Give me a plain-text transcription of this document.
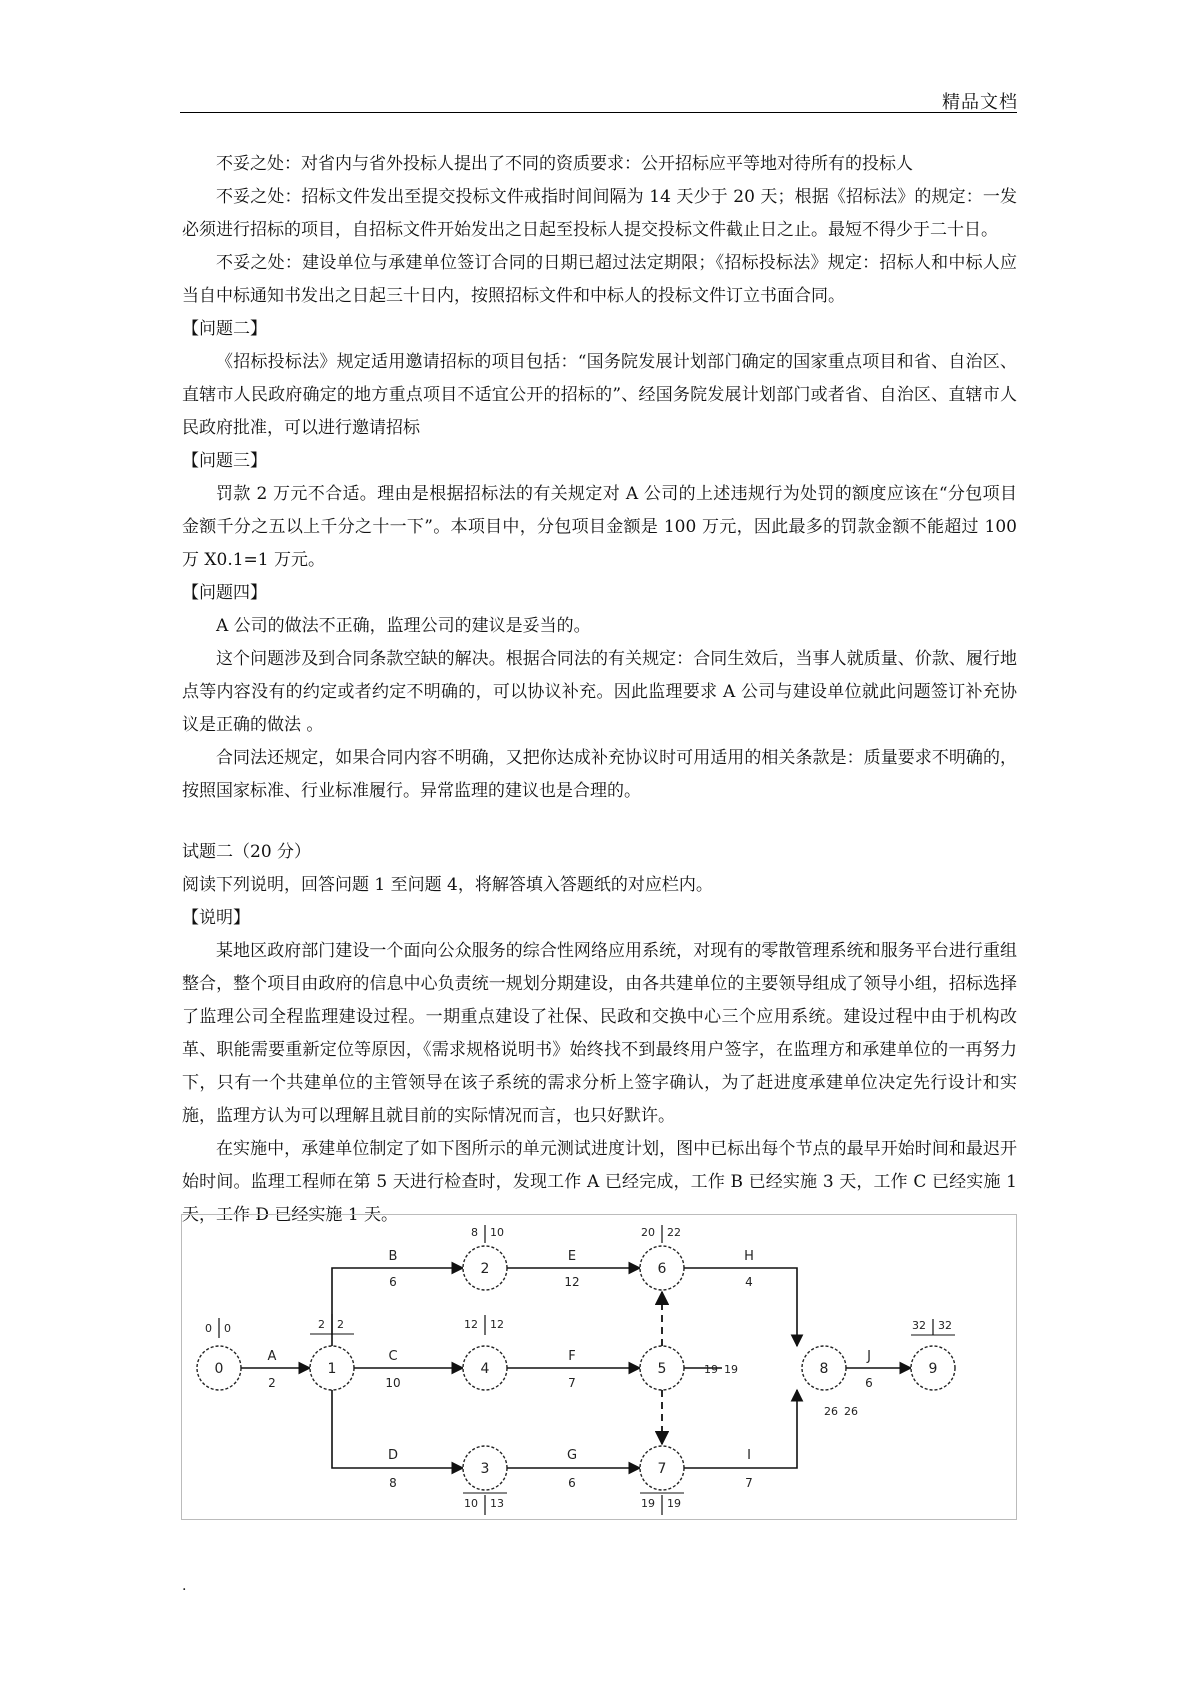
精品文档

不妥之处：对省内与省外投标人提出了不同的资质要求：公开招标应平等地对待所有的投标人

不妥之处：招标文件发出至提交投标文件戒指时间间隔为 14 天少于 20 天；根据《招标法》的规定：一发必须进行招标的项目，自招标文件开始发出之日起至投标人提交投标文件截止日之止。最短不得少于二十日。

不妥之处：建设单位与承建单位签订合同的日期已超过法定期限；《招标投标法》规定：招标人和中标人应当自中标通知书发出之日起三十日内，按照招标文件和中标人的投标文件订立书面合同。

【问题二】

《招标投标法》规定适用邀请招标的项目包括：“国务院发展计划部门确定的国家重点项目和省、自治区、直辖市人民政府确定的地方重点项目不适宜公开的招标的”、经国务院发展计划部门或者省、自治区、直辖市人民政府批准，可以进行邀请招标

【问题三】

罚款 2 万元不合适。理由是根据招标法的有关规定对 A 公司的上述违规行为处罚的额度应该在“分包项目金额千分之五以上千分之十一下”。本项目中，分包项目金额是 100 万元，因此最多的罚款金额不能超过 100 万 X0.1=1 万元。

【问题四】

A 公司的做法不正确，监理公司的建议是妥当的。

这个问题涉及到合同条款空缺的解决。根据合同法的有关规定：合同生效后，当事人就质量、价款、履行地点等内容没有的约定或者约定不明确的，可以协议补充。因此监理要求 A 公司与建设单位就此问题签订补充协议是正确的做法 。

合同法还规定，如果合同内容不明确，又把你达成补充协议时可用适用的相关条款是：质量要求不明确的，按照国家标准、行业标准履行。异常监理的建议也是合理的。

试题二（20 分）

阅读下列说明，回答问题 1 至问题 4，将解答填入答题纸的对应栏内。

【说明】

某地区政府部门建设一个面向公众服务的综合性网络应用系统，对现有的零散管理系统和服务平台进行重组整合，整个项目由政府的信息中心负责统一规划分期建设，由各共建单位的主要领导组成了领导小组，招标选择了监理公司全程监理建设过程。一期重点建设了社保、民政和交换中心三个应用系统。建设过程中由于机构改革、职能需要重新定位等原因，《需求规格说明书》始终找不到最终用户签字，在监理方和承建单位的一再努力下，只有一个共建单位的主管领导在该子系统的需求分析上签字确认，为了赶进度承建单位决定先行设计和实施，监理方认为可以理解且就目前的实际情况而言，也只好默许。

在实施中，承建单位制定了如下图所示的单元测试进度计划，图中已标出每个节点的最早开始时间和最迟开始时间。监理工程师在第 5 天进行检查时，发现工作 A 已经完成，工作 B 已经实施 3 天，工作 C 已经实施 1 天，工作 D 已经实施 1 天。

A
2
B
6
C
10
D
8
E
12
F
7
G
6
H
4
I
7
J
6
0	1
2
3
4	5
6
7
8	9
0 0	2 2
8 10
12 12
10 13
20 22
19 19
19 19
26 26
32 32
.
